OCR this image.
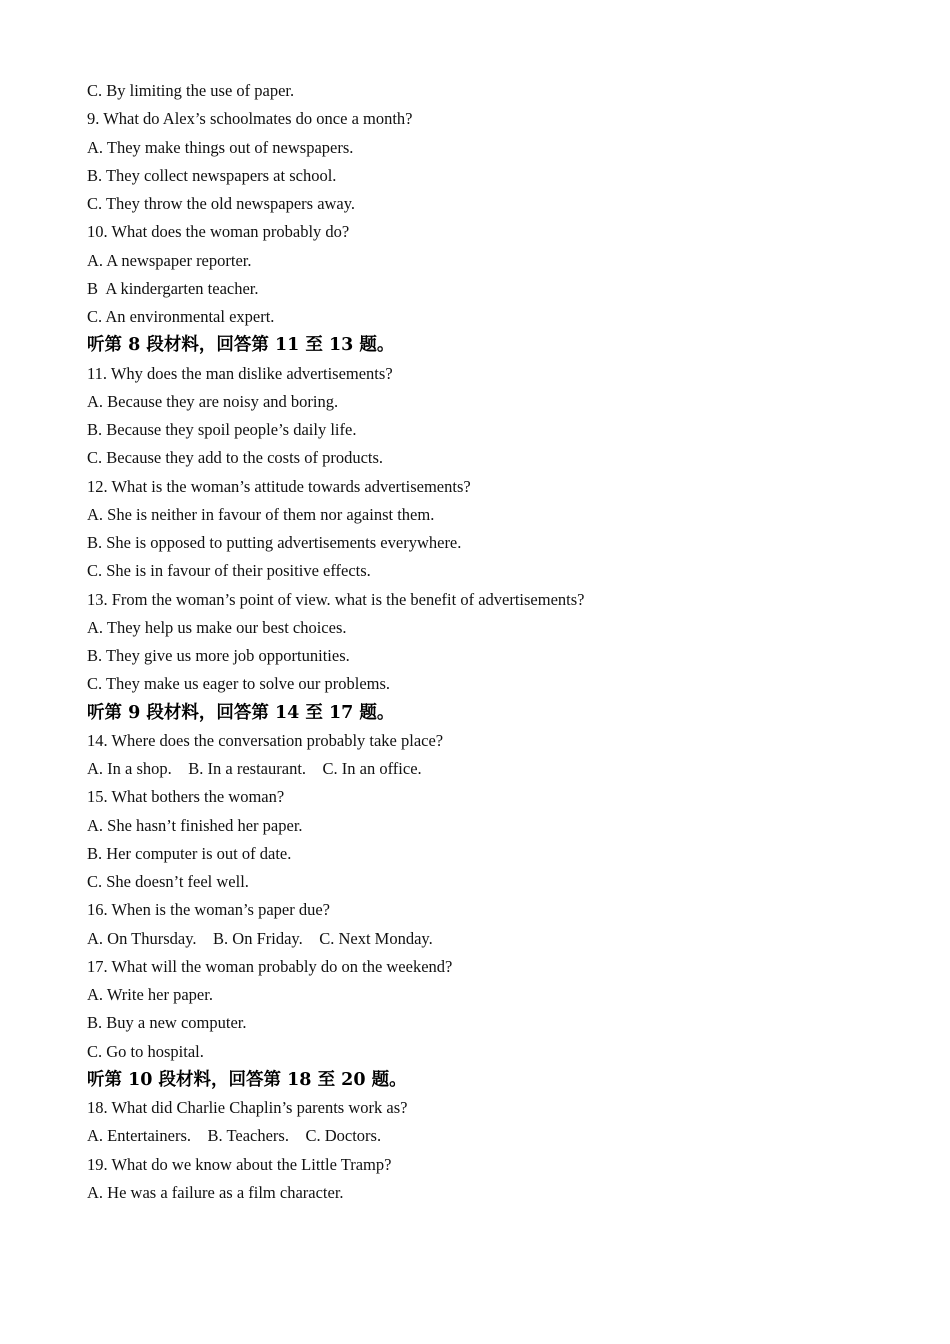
C. By limiting the use of paper.
9. What do Alex’s schoolmates do once a month?
A. They make things out of newspapers.
B. They collect newspapers at school.
C. They throw the old newspapers away.
10. What does the woman probably do?
A. A newspaper reporter.
B  A kindergarten teacher.
C. An environmental expert.
听第 8 段材料，回答第 11 至 13 题。
11. Why does the man dislike advertisements?
A. Because they are noisy and boring.
B. Because they spoil people’s daily life.
C. Because they add to the costs of products.
12. What is the woman’s attitude towards advertisements?
A. She is neither in favour of them nor against them.
B. She is opposed to putting advertisements everywhere.
C. She is in favour of their positive effects.
13. From the woman’s point of view. what is the benefit of advertisements?
A. They help us make our best choices.
B. They give us more job opportunities.
C. They make us eager to solve our problems.
听第 9 段材料，回答第 14 至 17 题。
14. Where does the conversation probably take place?
A. In a shop.    B. In a restaurant.    C. In an office.
15. What bothers the woman?
A. She hasn’t finished her paper.
B. Her computer is out of date.
C. She doesn’t feel well.
16. When is the woman’s paper due?
A. On Thursday.    B. On Friday.    C. Next Monday.
17. What will the woman probably do on the weekend?
A. Write her paper.
B. Buy a new computer.
C. Go to hospital.
听第 10 段材料，回答第 18 至 20 题。
18. What did Charlie Chaplin’s parents work as?
A. Entertainers.    B. Teachers.    C. Doctors.
19. What do we know about the Little Tramp?
A. He was a failure as a film character.
